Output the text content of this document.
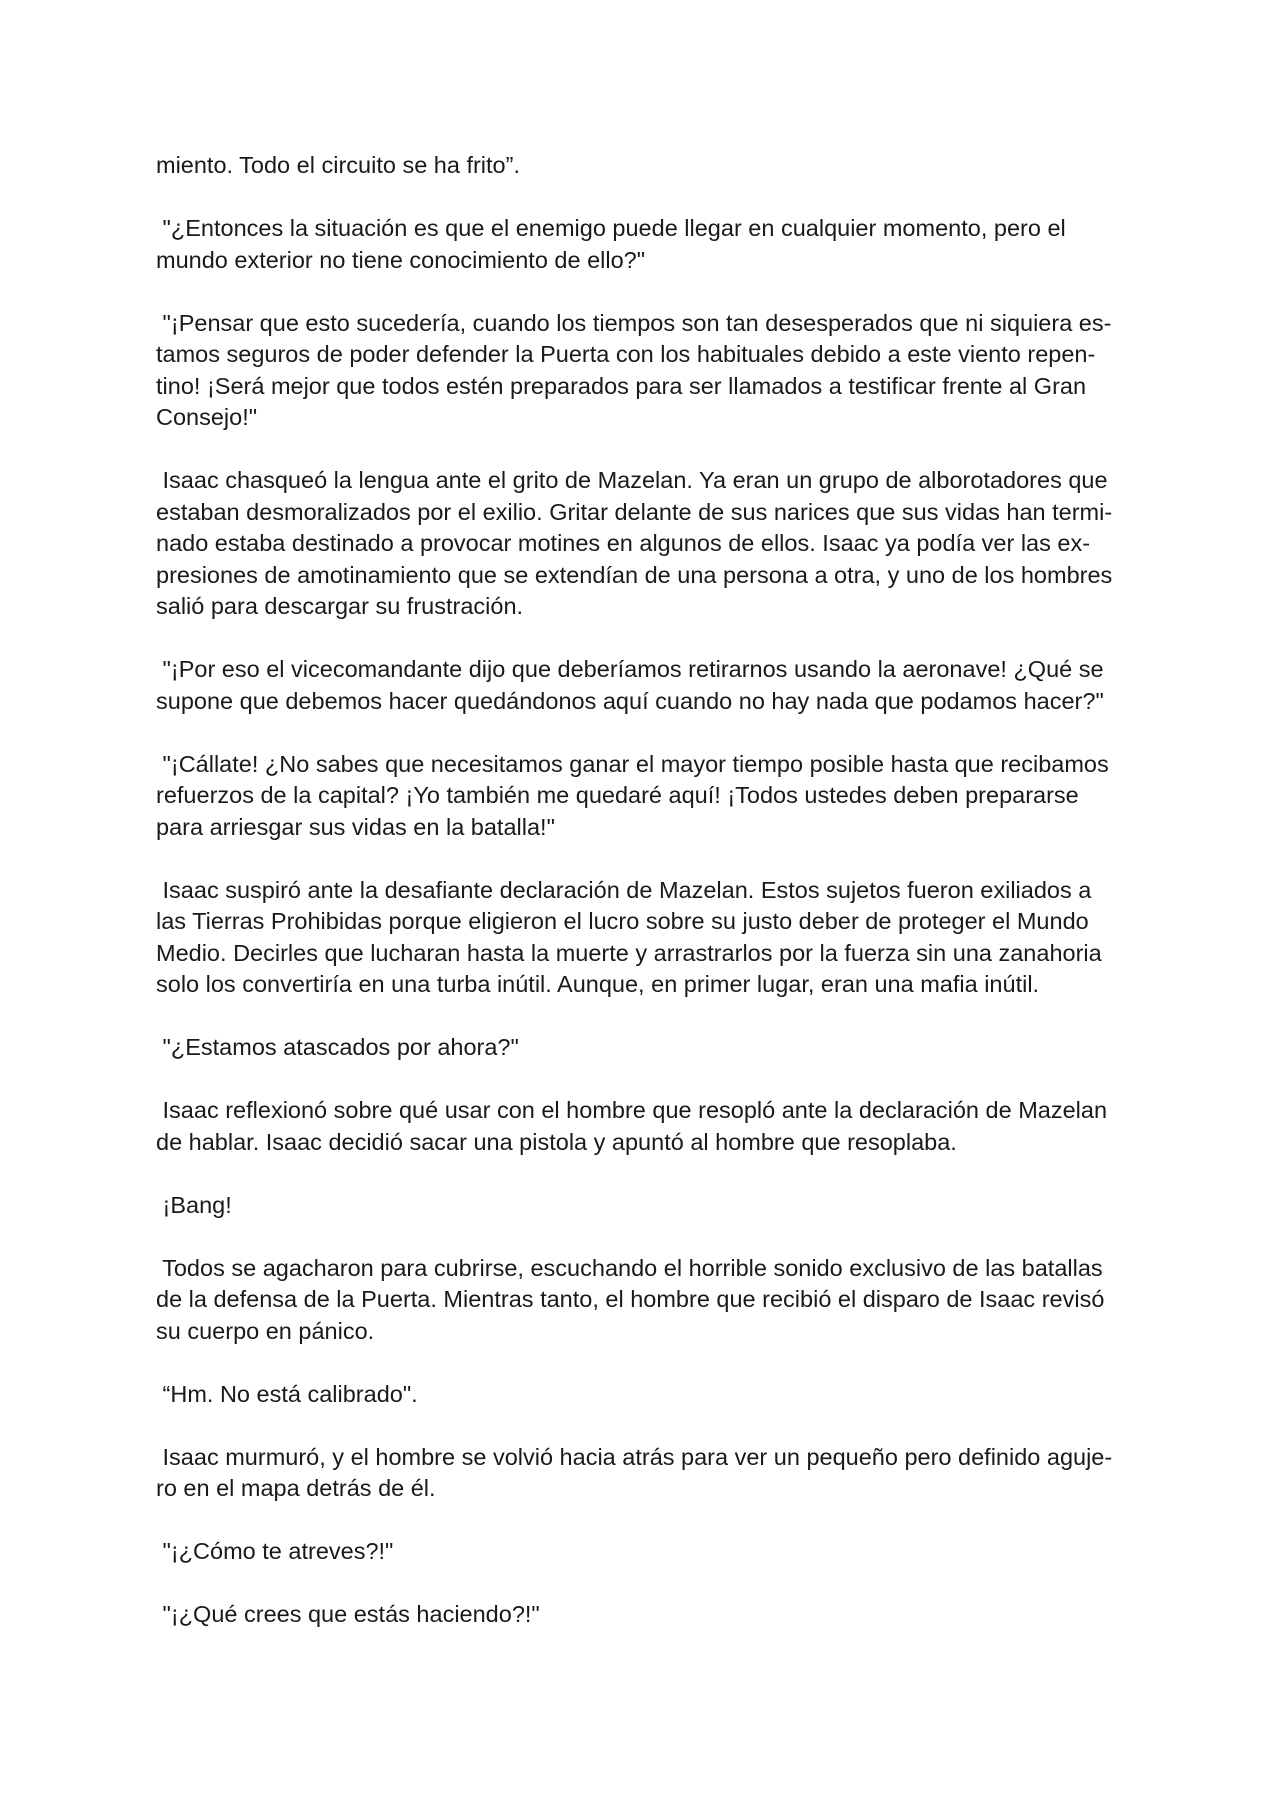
miento. Todo el circuito se ha frito”.

"¿Entonces la situación es que el enemigo puede llegar en cualquier momento, pero el
mundo exterior no tiene conocimiento de ello?"

"¡Pensar que esto sucedería, cuando los tiempos son tan desesperados que ni siquiera es-
tamos seguros de poder defender la Puerta con los habituales debido a este viento repen-
tino! ¡Será mejor que todos estén preparados para ser llamados a testificar frente al Gran
Consejo!"

Isaac chasqueó la lengua ante el grito de Mazelan. Ya eran un grupo de alborotadores que
estaban desmoralizados por el exilio. Gritar delante de sus narices que sus vidas han termi-
nado estaba destinado a provocar motines en algunos de ellos. Isaac ya podía ver las ex-
presiones de amotinamiento que se extendían de una persona a otra, y uno de los hombres
salió para descargar su frustración.

"¡Por eso el vicecomandante dijo que deberíamos retirarnos usando la aeronave! ¿Qué se
supone que debemos hacer quedándonos aquí cuando no hay nada que podamos hacer?"

"¡Cállate! ¿No sabes que necesitamos ganar el mayor tiempo posible hasta que recibamos
refuerzos de la capital? ¡Yo también me quedaré aquí! ¡Todos ustedes deben prepararse
para arriesgar sus vidas en la batalla!"

Isaac suspiró ante la desafiante declaración de Mazelan. Estos sujetos fueron exiliados a
las Tierras Prohibidas porque eligieron el lucro sobre su justo deber de proteger el Mundo
Medio. Decirles que lucharan hasta la muerte y arrastrarlos por la fuerza sin una zanahoria
solo los convertiría en una turba inútil. Aunque, en primer lugar, eran una mafia inútil.

"¿Estamos atascados por ahora?"

Isaac reflexionó sobre qué usar con el hombre que resopló ante la declaración de Mazelan
de hablar. Isaac decidió sacar una pistola y apuntó al hombre que resoplaba.

¡Bang!

Todos se agacharon para cubrirse, escuchando el horrible sonido exclusivo de las batallas
de la defensa de la Puerta. Mientras tanto, el hombre que recibió el disparo de Isaac revisó
su cuerpo en pánico.

“Hm. No está calibrado".

Isaac murmuró, y el hombre se volvió hacia atrás para ver un pequeño pero definido aguje-
ro en el mapa detrás de él.

"¡¿Cómo te atreves?!"

"¡¿Qué crees que estás haciendo?!"
